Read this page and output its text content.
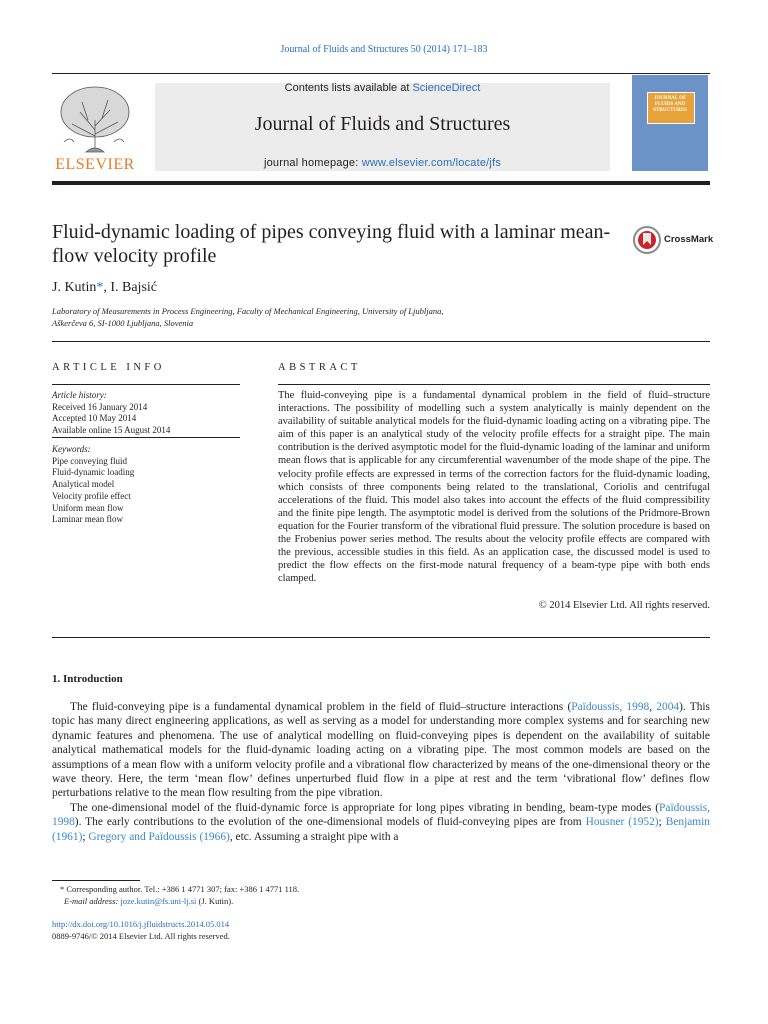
Journal of Fluids and Structures 50 (2014) 171–183
Contents lists available at ScienceDirect
Journal of Fluids and Structures
journal homepage: www.elsevier.com/locate/jfs
ELSEVIER
JOURNAL OF FLUIDS AND STRUCTURES
Fluid-dynamic loading of pipes conveying fluid with a laminar mean-flow velocity profile
CrossMark
J. Kutin*, I. Bajsić
Laboratory of Measurements in Process Engineering, Faculty of Mechanical Engineering, University of Ljubljana,
Aškerčeva 6, SI-1000 Ljubljana, Slovenia
ARTICLE INFO	ABSTRACT
Article history:
Received 16 January 2014
Accepted 10 May 2014
Available online 15 August 2014
Keywords:
Pipe conveying fluid
Fluid-dynamic loading
Analytical model
Velocity profile effect
Uniform mean flow
Laminar mean flow
The fluid-conveying pipe is a fundamental dynamical problem in the field of fluid–structure interactions. The possibility of modelling such a system analytically is mainly dependent on the availability of suitable analytical models for the fluid-dynamic loading acting on a vibrating pipe. The aim of this paper is an analytical study of the velocity profile effects for a straight pipe. The main contribution is the derived asymptotic model for the fluid-dynamic loading of the laminar and uniform mean flows that is applicable for any circumferential wavenumber of the mode shape of the pipe. The velocity profile effects are expressed in terms of the correction factors for the fluid-dynamic loading, which consists of three components being related to the translational, Coriolis and centrifugal accelerations of the fluid. This model also takes into account the effects of the fluid compressibility and the finite pipe length. The asymptotic model is derived from the solutions of the Pridmore-Brown equation for the Fourier transform of the vibrational fluid pressure. The solution procedure is based on the Frobenius power series method. The results about the velocity profile effects are compared with the previous, accessible studies in this field. As an application case, the discussed model is used to predict the flow effects on the first-mode natural frequency of a beam-type pipe with both ends clamped.
© 2014 Elsevier Ltd. All rights reserved.
1. Introduction

The fluid-conveying pipe is a fundamental dynamical problem in the field of fluid–structure interactions (Païdoussis, 1998, 2004). This topic has many direct engineering applications, as well as serving as a model for understanding more complex systems and for searching new dynamic features and phenomena. The use of analytical modelling on fluid-conveying pipes is dependent on the availability of suitable analytical mathematical models for the fluid-dynamic loading acting on a vibrating pipe. The most common models are based on the assumptions of a mean flow with a uniform velocity profile and a vibrational flow characterized by means of the one-dimensional theory or the wave theory. Here, the term ‘mean flow’ defines unperturbed fluid flow in a pipe at rest and the term ‘vibrational flow’ defines flow perturbations relative to the mean flow resulting from the pipe vibration.

The one-dimensional model of the fluid-dynamic force is appropriate for long pipes vibrating in bending, beam-type modes (Païdoussis, 1998). The early contributions to the evolution of the one-dimensional models of fluid-conveying pipes are from Housner (1952); Benjamin (1961); Gregory and Païdoussis (1966), etc. Assuming a straight pipe with a

* Corresponding author. Tel.: +386 1 4771 307; fax: +386 1 4771 118.
E-mail address: joze.kutin@fs.uni-lj.si (J. Kutin).
http://dx.doi.org/10.1016/j.jfluidstructs.2014.05.014
0889-9746/© 2014 Elsevier Ltd. All rights reserved.
